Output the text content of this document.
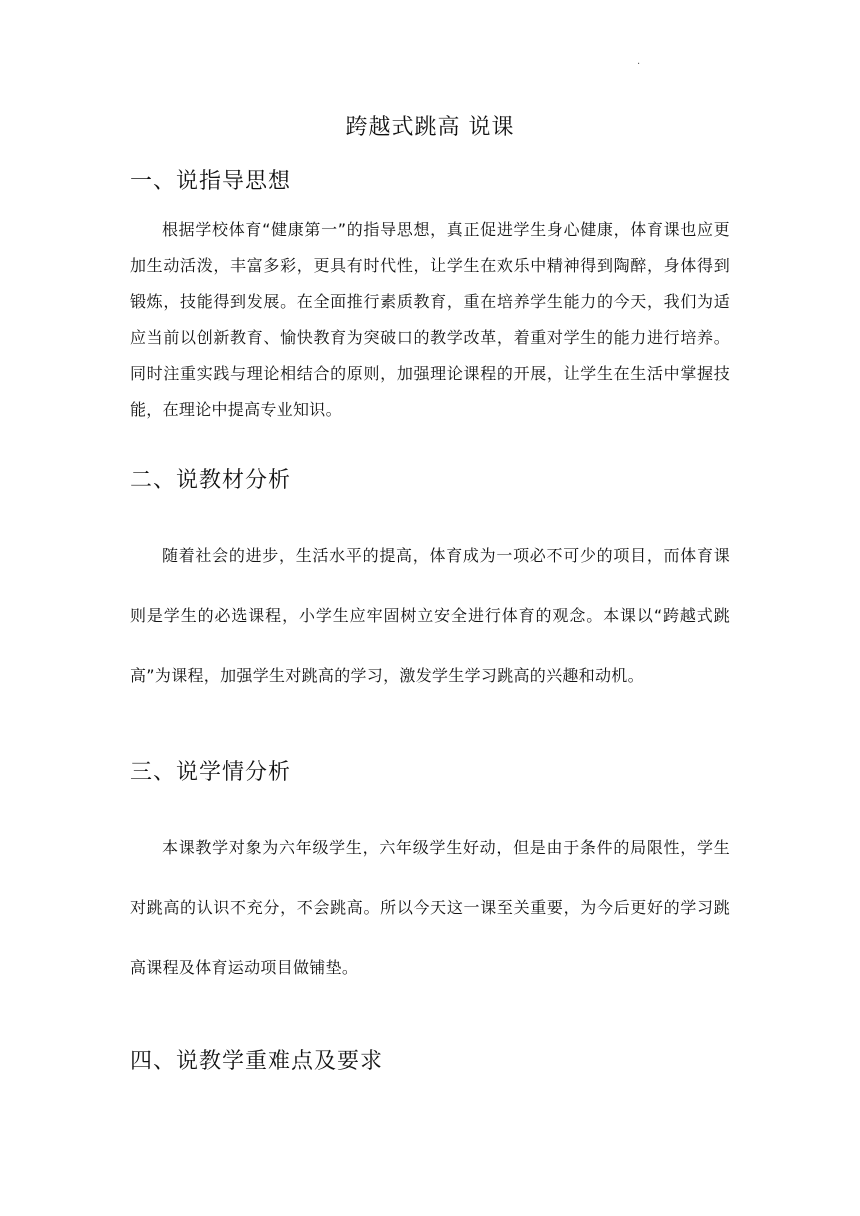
·
跨越式跳高 说课
一、说指导思想

根据学校体育“健康第一”的指导思想，真正促进学生身心健康，体育课也应更加生动活泼，丰富多彩，更具有时代性，让学生在欢乐中精神得到陶醉，身体得到锻炼，技能得到发展。在全面推行素质教育，重在培养学生能力的今天，我们为适应当前以创新教育、愉快教育为突破口的教学改革，着重对学生的能力进行培养。同时注重实践与理论相结合的原则，加强理论课程的开展，让学生在生活中掌握技能，在理论中提高专业知识。

二、说教材分析

随着社会的进步，生活水平的提高，体育成为一项必不可少的项目，而体育课则是学生的必选课程，小学生应牢固树立安全进行体育的观念。本课以“跨越式跳高”为课程，加强学生对跳高的学习，激发学生学习跳高的兴趣和动机。

三、说学情分析

本课教学对象为六年级学生，六年级学生好动，但是由于条件的局限性，学生对跳高的认识不充分，不会跳高。所以今天这一课至关重要，为今后更好的学习跳高课程及体育运动项目做铺垫。

四、说教学重难点及要求
